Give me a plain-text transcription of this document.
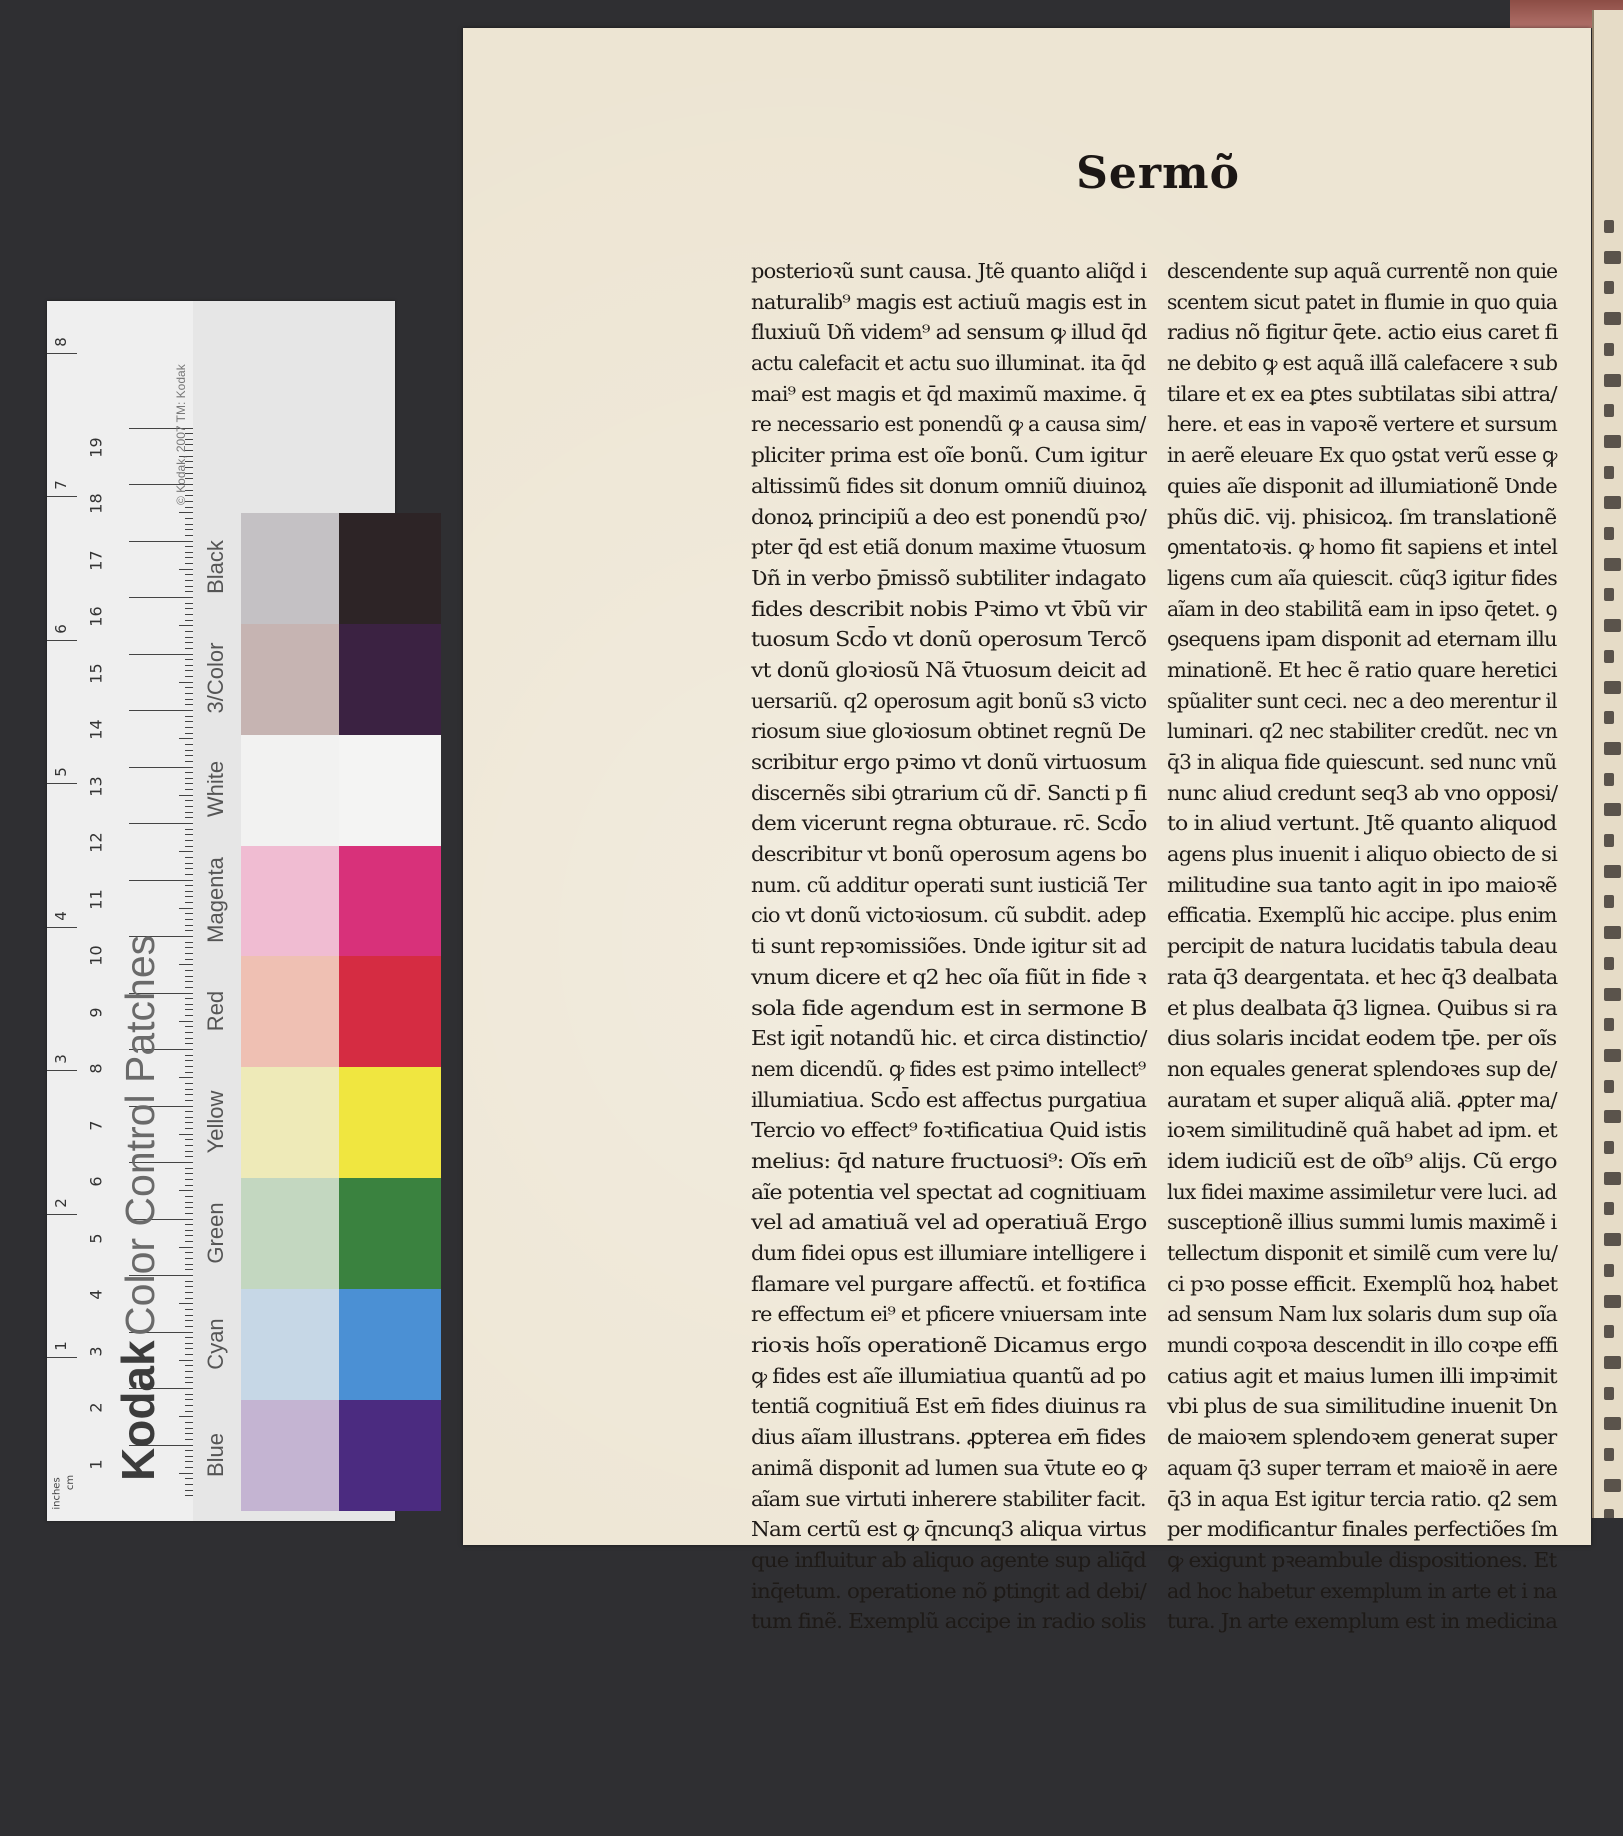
inches cm
1
2
3
4
5
6
7
8
9
10
11
12
13
14
15
16
17
18
19
1
2
3
4
5
6
7
8
Blue
Cyan
Green
Yellow
Red
Magenta
White
3/Color
Black
Kodak Color Control Patches
© Kodak, 2007 TM: Kodak
Sermõ
posterioꝛũ sunt causa. Jtẽ quanto aliq̃d i
naturalib⁹ magis est actiuũ magis est in
fluxiuũ Ʋñ videm⁹ ad sensum ꝙ illud q̄d
actu calefacit et actu suo illuminat. ita q̄d
mai⁹ est magis et q̄d maximũ maxime. q̄
re necessario est ponendũ ꝙ a causa sim/
pliciter prima est oĩe bonũ. Cum igitur
altissimũ fides sit donum omniũ diuinoꝝ
donoꝝ principiũ a deo est ponendũ pꝛo/
pter q̄d est etiã donum maxime v̄tuosum
Ʋñ in verbo p̄missõ subtiliter indagato
fides describit nobis Pꝛimo vt v̄bũ vir
tuosum Scd̄o vt donũ operosum Tercõ
vt donũ gloꝛiosũ Nã v̄tuosum deicit ad
uersariũ. q2 operosum agit bonũ s3 victo
riosum siue gloꝛiosum obtinet regnũ De
scribitur ergo pꝛimo vt donũ virtuosum
discernẽs sibi ꝯtrarium cũ dr̄. Sancti p fi
dem vicerunt regna obturaue. rc̄. Scd̄o
describitur vt bonũ operosum agens bo
num. cũ additur operati sunt iusticiã Ter
cio vt donũ victoꝛiosum. cũ subdit. adep
ti sunt repꝛomissiões. Ʋnde igitur sit ad
vnum dicere et q2 hec oĩa fiũt in fide ꝛ
sola fide agendum est in sermone B
Est igit̄ notandũ hic. et circa distinctio/
nem dicendũ. ꝙ fides est pꝛimo intellect⁹
illumiatiua. Scd̄o est affectus purgatiua
Tercio vo effect⁹ foꝛtificatiua Quid istis
melius: q̄d nature fructuosi⁹: Oĩs em̄
aĩe potentia vel spectat ad cognitiuam
vel ad amatiuã vel ad operatiuã Ergo
dum fidei opus est illumiare intelligere i
flamare vel purgare affectũ. et foꝛtifica
re effectum ei⁹ et pficere vniuersam inte
rioꝛis hoĩs operationẽ Dicamus ergo
ꝙ fides est aĩe illumiatiua quantũ ad po
tentiã cognitiuã Est em̄ fides diuinus ra
dius aĩam illustrans. ꝓpterea em̄ fides
animã disponit ad lumen sua v̄tute eo ꝙ
aĩam sue virtuti inherere stabiliter facit.
Nam certũ est ꝙ q̄ncunq3 aliqua virtus
que influitur ab aliquo agente sup aliq̄d
inq̄etum. operatione nõ ꝑtingit ad debi/
tum finẽ. Exemplũ accipe in radio solis
descendente sup aquã currentẽ non quie
scentem sicut patet in flumie in quo quia
radius nõ figitur q̄ete. actio eius caret fi
ne debito ꝙ est aquã illã calefacere ꝛ sub
tilare et ex ea ꝑtes subtilatas sibi attra/
here. et eas in vapoꝛẽ vertere et sursum
in aerẽ eleuare Ex quo ꝯstat verũ esse ꝙ
quies aĩe disponit ad illumiationẽ Ʋnde
phũs dic̄. vij. phisicoꝝ. ſm translationẽ
ꝯmentatoꝛis. ꝙ homo fit sapiens et intel
ligens cum aĩa quiescit. cũq3 igitur fides
aĩam in deo stabilitã eam in ipso q̄etet. ꝯ
ꝯsequens ipam disponit ad eternam illu
minationẽ. Et hec ẽ ratio quare heretici
spũaliter sunt ceci. nec a deo merentur il
luminari. q2 nec stabiliter credũt. nec vn
q̄3 in aliqua fide quiescunt. sed nunc vnũ
nunc aliud credunt seq3 ab vno opposi/
to in aliud vertunt. Jtẽ quanto aliquod
agens plus inuenit i aliquo obiecto de si
militudine sua tanto agit in ipo maioꝛẽ
efficatia. Exemplũ hic accipe. plus enim
percipit de natura lucidatis tabula deau
rata q̄3 deargentata. et hec q̄3 dealbata
et plus dealbata q̄3 lignea. Quibus si ra
dius solaris incidat eodem tp̄e. per oĩs
non equales generat splendoꝛes sup de/
auratam et super aliquã aliã. ꝓpter ma/
ioꝛem similitudinẽ quã habet ad ipm. et
idem iudiciũ est de oĩb⁹ alijs. Cũ ergo
lux fidei maxime assimiletur vere luci. ad
susceptionẽ illius summi lumis maximẽ i
tellectum disponit et similẽ cum vere lu/
ci pꝛo posse efficit. Exemplũ hoꝝ habet
ad sensum Nam lux solaris dum sup oĩa
mundi coꝛpoꝛa descendit in illo coꝛpe effi
catius agit et maius lumen illi impꝛimit
vbi plus de sua similitudine inuenit Ʋn
de maioꝛem splendoꝛem generat super
aquam q̄3 super terram et maioꝛẽ in aere
q̄3 in aqua Est igitur tercia ratio. q2 sem
per modificantur finales perfectiões ſm
ꝙ exigunt pꝛeambule dispositiones. Et
ad hoc habetur exemplum in arte et i na
tura. Jn arte exemplum est in medicina
